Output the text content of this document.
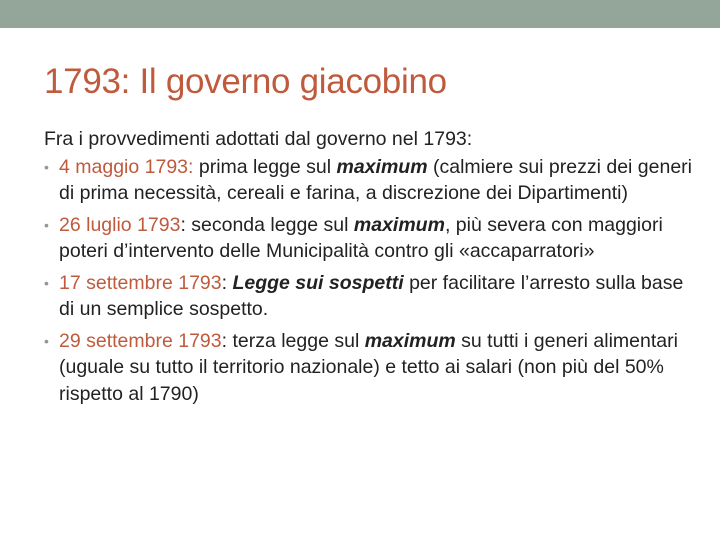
1793: Il governo giacobino

Fra i provvedimenti adottati dal governo nel 1793:

• 4 maggio 1793: prima legge sul maximum (calmiere sui prezzi dei generi di prima necessità, cereali e farina, a discrezione dei Dipartimenti)
• 26 luglio 1793: seconda legge sul maximum, più severa con maggiori poteri d’intervento delle Municipalità contro gli «accaparratori»
• 17 settembre 1793: Legge sui sospetti per facilitare l’arresto sulla base di un semplice sospetto.
• 29 settembre 1793: terza legge sul maximum su tutti i generi alimentari (uguale su tutto il territorio nazionale) e tetto ai salari (non più del 50% rispetto al 1790)
